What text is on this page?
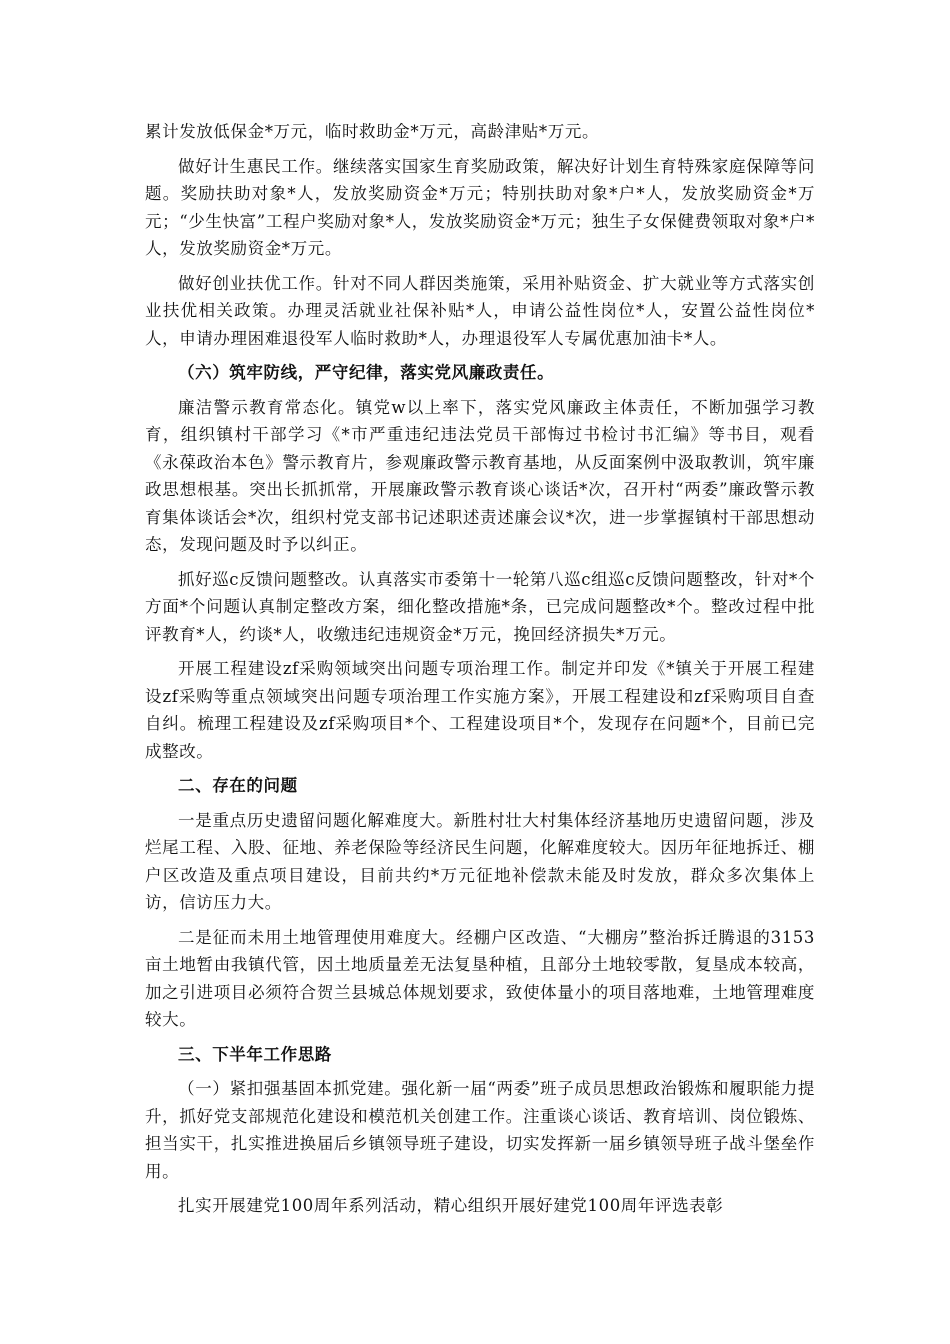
累计发放低保金*万元，临时救助金*万元，高龄津贴*万元。

做好计生惠民工作。继续落实国家生育奖励政策，解决好计划生育特殊家庭保障等问题。奖励扶助对象*人，发放奖励资金*万元；特别扶助对象*户*人，发放奖励资金*万元；“少生快富”工程户奖励对象*人，发放奖励资金*万元；独生子女保健费领取对象*户*人，发放奖励资金*万元。

做好创业扶优工作。针对不同人群因类施策，采用补贴资金、扩大就业等方式落实创业扶优相关政策。办理灵活就业社保补贴*人，申请公益性岗位*人，安置公益性岗位*人，申请办理困难退役军人临时救助*人，办理退役军人专属优惠加油卡*人。

（六）筑牢防线，严守纪律，落实党风廉政责任。

廉洁警示教育常态化。镇党w以上率下，落实党风廉政主体责任，不断加强学习教育，组织镇村干部学习《*市严重违纪违法党员干部悔过书检讨书汇编》等书目，观看《永葆政治本色》警示教育片，参观廉政警示教育基地，从反面案例中汲取教训，筑牢廉政思想根基。突出长抓抓常，开展廉政警示教育谈心谈话*次，召开村“两委”廉政警示教育集体谈话会*次，组织村党支部书记述职述责述廉会议*次，进一步掌握镇村干部思想动态，发现问题及时予以纠正。

抓好巡c反馈问题整改。认真落实市委第十一轮第八巡c组巡c反馈问题整改，针对*个方面*个问题认真制定整改方案，细化整改措施*条，已完成问题整改*个。整改过程中批评教育*人，约谈*人，收缴违纪违规资金*万元，挽回经济损失*万元。

开展工程建设zf采购领域突出问题专项治理工作。制定并印发《*镇关于开展工程建设zf采购等重点领域突出问题专项治理工作实施方案》，开展工程建设和zf采购项目自查自纠。梳理工程建设及zf采购项目*个、工程建设项目*个，发现存在问题*个，目前已完成整改。

二、存在的问题

一是重点历史遗留问题化解难度大。新胜村壮大村集体经济基地历史遗留问题，涉及烂尾工程、入股、征地、养老保险等经济民生问题，化解难度较大。因历年征地拆迁、棚户区改造及重点项目建设，目前共约*万元征地补偿款未能及时发放，群众多次集体上访，信访压力大。

二是征而未用土地管理使用难度大。经棚户区改造、“大棚房”整治拆迁腾退的3153亩土地暂由我镇代管，因土地质量差无法复垦种植，且部分土地较零散，复垦成本较高，加之引进项目必须符合贺兰县城总体规划要求，致使体量小的项目落地难，土地管理难度较大。

三、下半年工作思路

（一）紧扣强基固本抓党建。强化新一届“两委”班子成员思想政治锻炼和履职能力提升，抓好党支部规范化建设和模范机关创建工作。注重谈心谈话、教育培训、岗位锻炼、担当实干，扎实推进换届后乡镇领导班子建设，切实发挥新一届乡镇领导班子战斗堡垒作用。

扎实开展建党100周年系列活动，精心组织开展好建党100周年评选表彰
